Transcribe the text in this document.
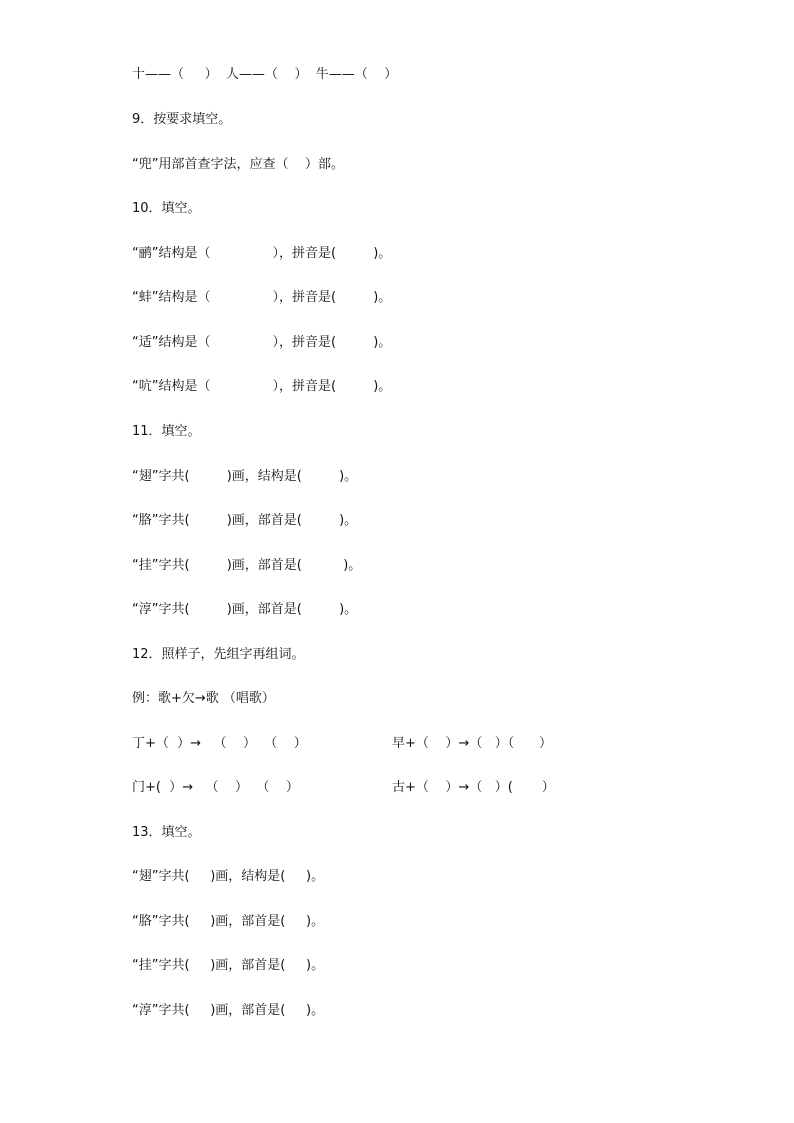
十——（     ）  人——（    ）  牛——（    ）
9．按要求填空。
“兜”用部首查字法，应查（    ）部。
10．填空。
“鹂”结构是（               ），拼音是(         )。
“蚌”结构是（               ），拼音是(         )。
“适”结构是（               ），拼音是(         )。
“吭”结构是（               ），拼音是(         )。
11．填空。
“翅”字共(         )画，结构是(         )。
“胳”字共(         )画，部首是(         )。
“挂”字共(         )画，部首是(          )。
“淳”字共(         )画，部首是(         )。
12．照样子，先组字再组词。
例：歌+欠→歌 （唱歌）
丁+（  ）→   （    ）  （    ）	早+（    ）→（   ）（      ）
门+(  ）→   （    ）  （    ）	古+（    ）→（   ）(       ）
13．填空。
“翅”字共(     )画，结构是(     )。
“胳”字共(     )画，部首是(     )。
“挂”字共(     )画，部首是(     )。
“淳”字共(     )画，部首是(     )。
